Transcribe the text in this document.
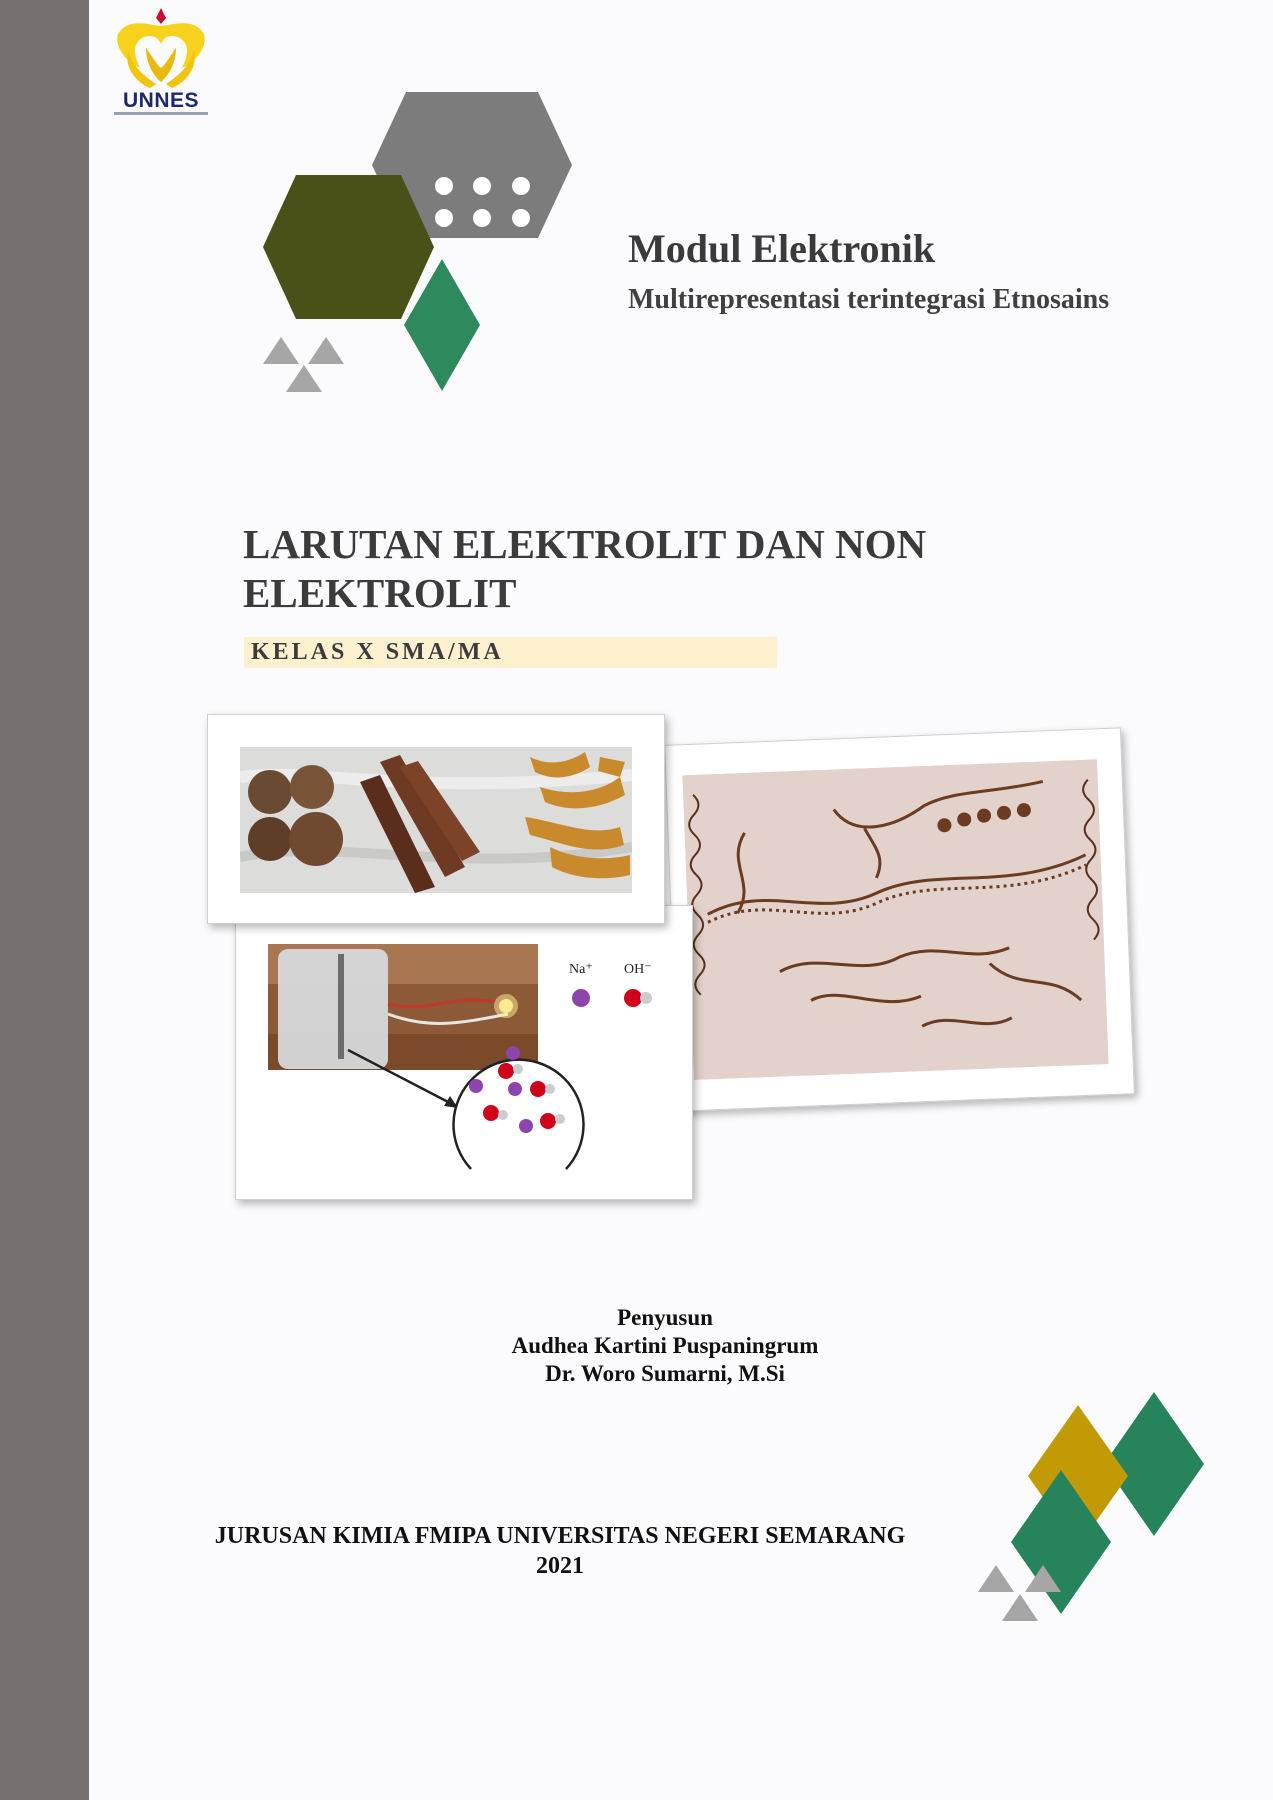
UNNES
Modul Elektronik
Multirepresentasi terintegrasi Etnosains
LARUTAN ELEKTROLIT DAN NON
ELEKTROLIT
KELAS X SMA/MA
Na⁺ OH⁻
Penyusun
Audhea Kartini Puspaningrum
Dr. Woro Sumarni, M.Si
JURUSAN KIMIA FMIPA UNIVERSITAS NEGERI SEMARANG
2021
